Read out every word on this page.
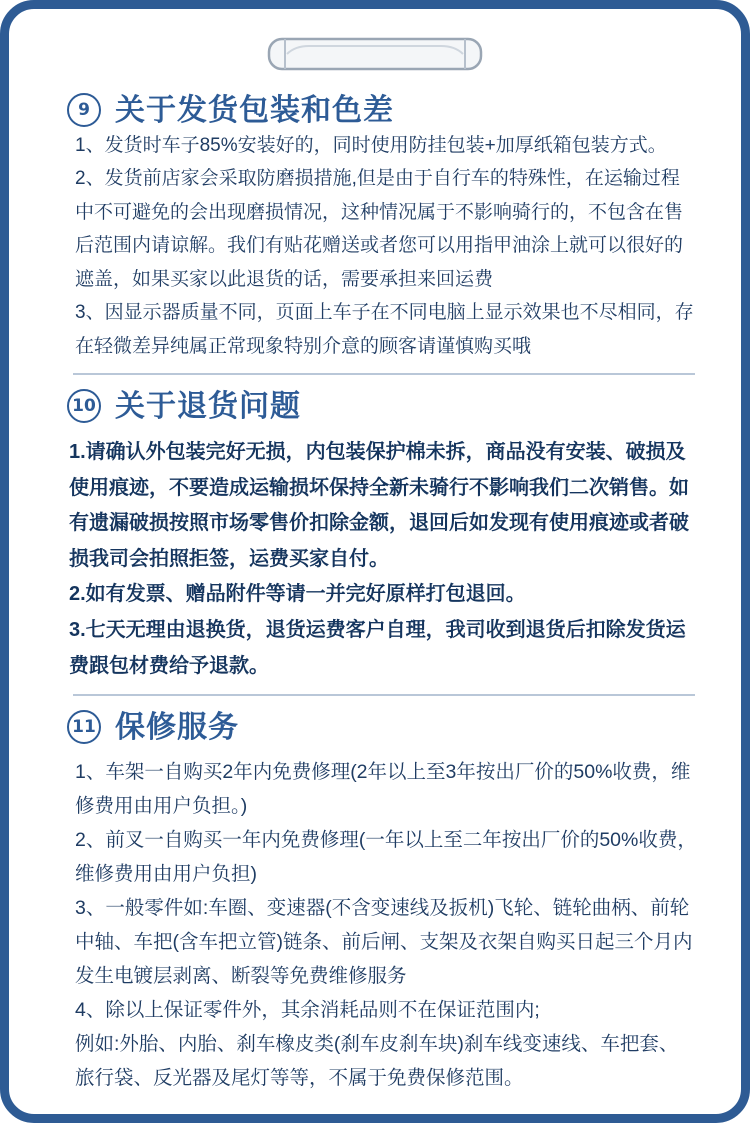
9 关于发货包装和色差

1、发货时车子85%安装好的，同时使用防挂包装+加厚纸箱包装方式。

2、发货前店家会采取防磨损措施,但是由于自行车的特殊性，在运输过程中不可避免的会出现磨损情况，这种情况属于不影响骑行的，不包含在售后范围内请谅解。我们有贴花赠送或者您可以用指甲油涂上就可以很好的遮盖，如果买家以此退货的话，需要承担来回运费

3、因显示器质量不同，页面上车子在不同电脑上显示效果也不尽相同，存在轻微差异纯属正常现象特别介意的顾客请谨慎购买哦

10 关于退货问题

1.请确认外包装完好无损，内包装保护棉未拆，商品没有安装、破损及使用痕迹，不要造成运输损坏保持全新未骑行不影响我们二次销售。如有遗漏破损按照市场零售价扣除金额，退回后如发现有使用痕迹或者破损我司会拍照拒签，运费买家自付。

2.如有发票、赠品附件等请一并完好原样打包退回。

3.七天无理由退换货，退货运费客户自理，我司收到退货后扣除发货运费跟包材费给予退款。

11 保修服务

1、车架一自购买2年内免费修理(2年以上至3年按出厂价的50%收费，维修费用由用户负担。)

2、前叉一自购买一年内免费修理(一年以上至二年按出厂价的50%收费，维修费用由用户负担)

3、一般零件如:车圈、变速器(不含变速线及扳机)飞轮、链轮曲柄、前轮中轴、车把(含车把立管)链条、前后闸、支架及衣架自购买日起三个月内发生电镀层剥离、断裂等免费维修服务

4、除以上保证零件外，其余消耗品则不在保证范围内;

例如:外胎、内胎、刹车橡皮类(刹车皮刹车块)刹车线变速线、车把套、旅行袋、反光器及尾灯等等，不属于免费保修范围。
